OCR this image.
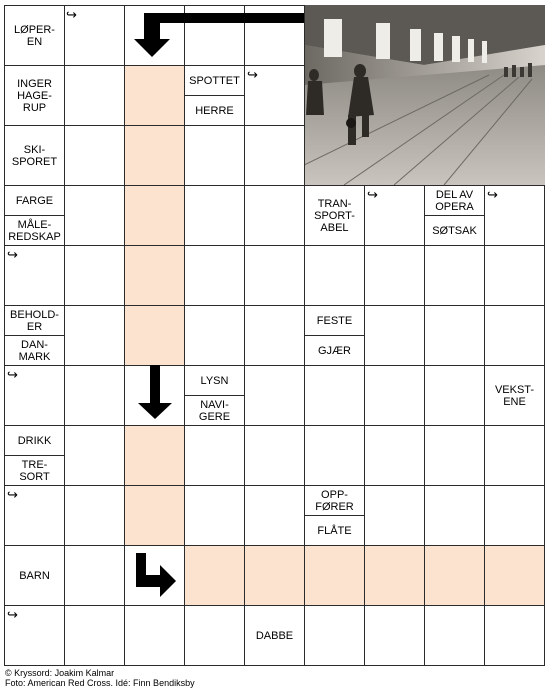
LØPER-
EN
INGER
HAGE-
RUP
SKI-
SPORET
FARGE
MÅLE-
REDSKAP
BEHOLD-
ER
DAN-
MARK
DRIKK
TRE-
SORT
BARN
SPOTTET
HERRE
LYSN
NAVI-
GERE
DABBE
TRAN-
SPORT-
ABEL
FESTE
GJÆR
OPP-
FØRER
FLÅTE
DEL AV
OPERA
SØTSAK
VEKST-
ENE
↪
↪
↪	↪
↪
↪
↪
↪
© Kryssord: Joakim Kalmar
Foto: American Red Cross. Idé: Finn Bendiksby
